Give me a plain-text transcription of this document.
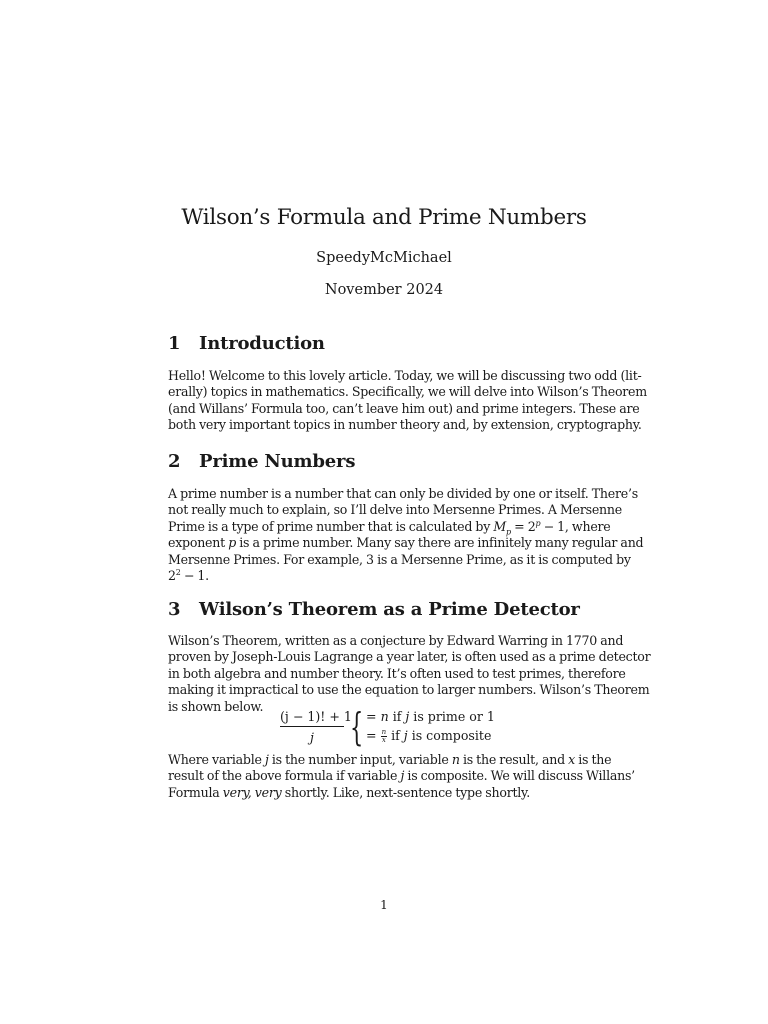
Wilson’s Formula and Prime Numbers
SpeedyMcMichael
November 2024
1 Introduction
Hello! Welcome to this lovely article. Today, we will be discussing two odd (lit-
erally) topics in mathematics. Specifically, we will delve into Wilson’s Theorem
(and Willans’ Formula too, can’t leave him out) and prime integers. These are
both very important topics in number theory and, by extension, cryptography.
2 Prime Numbers
A prime number is a number that can only be divided by one or itself. There’s
not really much to explain, so I’ll delve into Mersenne Primes. A Mersenne
Prime is a type of prime number that is calculated by $M_p = 2^p - 1$, where
exponent p is a prime number. Many say there are infinitely many regular and
Mersenne Primes. For example, 3 is a Mersenne Prime, as it is computed by
$2^2 - 1$.
3 Wilson’s Theorem as a Prime Detector
Wilson’s Theorem, written as a conjecture by Edward Warring in 1770 and
proven by Joseph-Louis Lagrange a year later, is often used as a prime detector
in both algebra and number theory. It’s often used to test primes, therefore
making it impractical to use the equation to larger numbers. Wilson’s Theorem
is shown below.
(j − 1)! + 1
j { = n if j is prime or 1
= $\frac{n}{x}$ if j is composite
Where variable j is the number input, variable n is the result, and x is the
result of the above formula if variable j is composite. We will discuss Willans’
Formula very, very shortly. Like, next-sentence type shortly.
1
